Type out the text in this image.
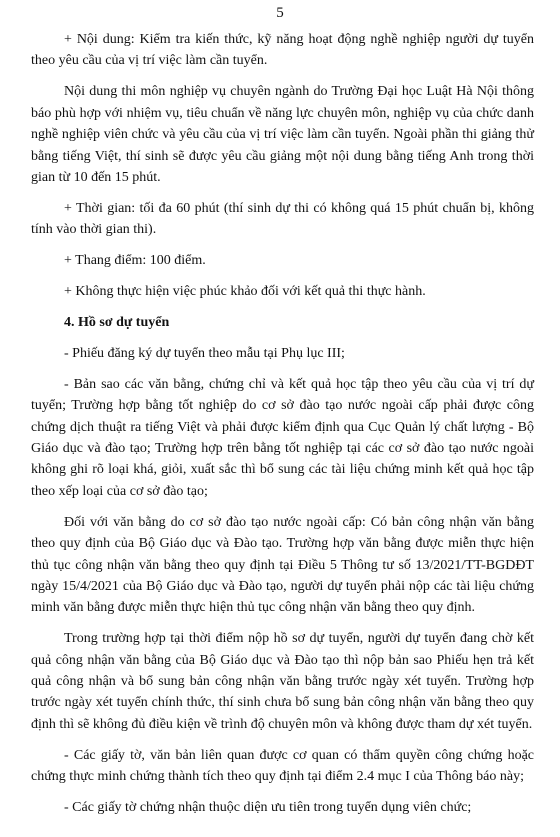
5

+ Nội dung: Kiểm tra kiến thức, kỹ năng hoạt động nghề nghiệp người dự tuyển theo yêu cầu của vị trí việc làm cần tuyển.

Nội dung thi môn nghiệp vụ chuyên ngành do Trường Đại học Luật Hà Nội thông báo phù hợp với nhiệm vụ, tiêu chuẩn về năng lực chuyên môn, nghiệp vụ của chức danh nghề nghiệp viên chức và yêu cầu của vị trí việc làm cần tuyển. Ngoài phần thi giảng thử bằng tiếng Việt, thí sinh sẽ được yêu cầu giảng một nội dung bằng tiếng Anh trong thời gian từ 10 đến 15 phút.

+ Thời gian: tối đa 60 phút (thí sinh dự thi có không quá 15 phút chuẩn bị, không tính vào thời gian thi).

+ Thang điểm: 100 điểm.

+ Không thực hiện việc phúc khảo đối với kết quả thi thực hành.

4. Hồ sơ dự tuyển

- Phiếu đăng ký dự tuyển theo mẫu tại Phụ lục III;

- Bản sao các văn bằng, chứng chỉ và kết quả học tập theo yêu cầu của vị trí dự tuyển; Trường hợp bằng tốt nghiệp do cơ sở đào tạo nước ngoài cấp phải được công chứng dịch thuật ra tiếng Việt và phải được kiểm định qua Cục Quản lý chất lượng - Bộ Giáo dục và đào tạo; Trường hợp trên bằng tốt nghiệp tại các cơ sở đào tạo nước ngoài không ghi rõ loại khá, giỏi, xuất sắc thì bổ sung các tài liệu chứng minh kết quả học tập theo xếp loại của cơ sở đào tạo;

Đối với văn bằng do cơ sở đào tạo nước ngoài cấp: Có bản công nhận văn bằng theo quy định của Bộ Giáo dục và Đào tạo. Trường hợp văn bằng được miễn thực hiện thủ tục công nhận văn bằng theo quy định tại Điều 5 Thông tư số 13/2021/TT-BGDĐT ngày 15/4/2021 của Bộ Giáo dục và Đào tạo, người dự tuyển phải nộp các tài liệu chứng minh văn bằng được miễn thực hiện thủ tục công nhận văn bằng theo quy định.

Trong trường hợp tại thời điểm nộp hồ sơ dự tuyển, người dự tuyển đang chờ kết quả công nhận văn bằng của Bộ Giáo dục và Đào tạo thì nộp bản sao Phiếu hẹn trả kết quả công nhận và bổ sung bản công nhận văn bằng trước ngày xét tuyển. Trường hợp trước ngày xét tuyển chính thức, thí sinh chưa bổ sung bản công nhận văn bằng theo quy định thì sẽ không đủ điều kiện về trình độ chuyên môn và không được tham dự xét tuyển.

- Các giấy tờ, văn bản liên quan được cơ quan có thẩm quyền công chứng hoặc chứng thực minh chứng thành tích theo quy định tại điểm 2.4 mục I của Thông báo này;

- Các giấy tờ chứng nhận thuộc diện ưu tiên trong tuyển dụng viên chức;
